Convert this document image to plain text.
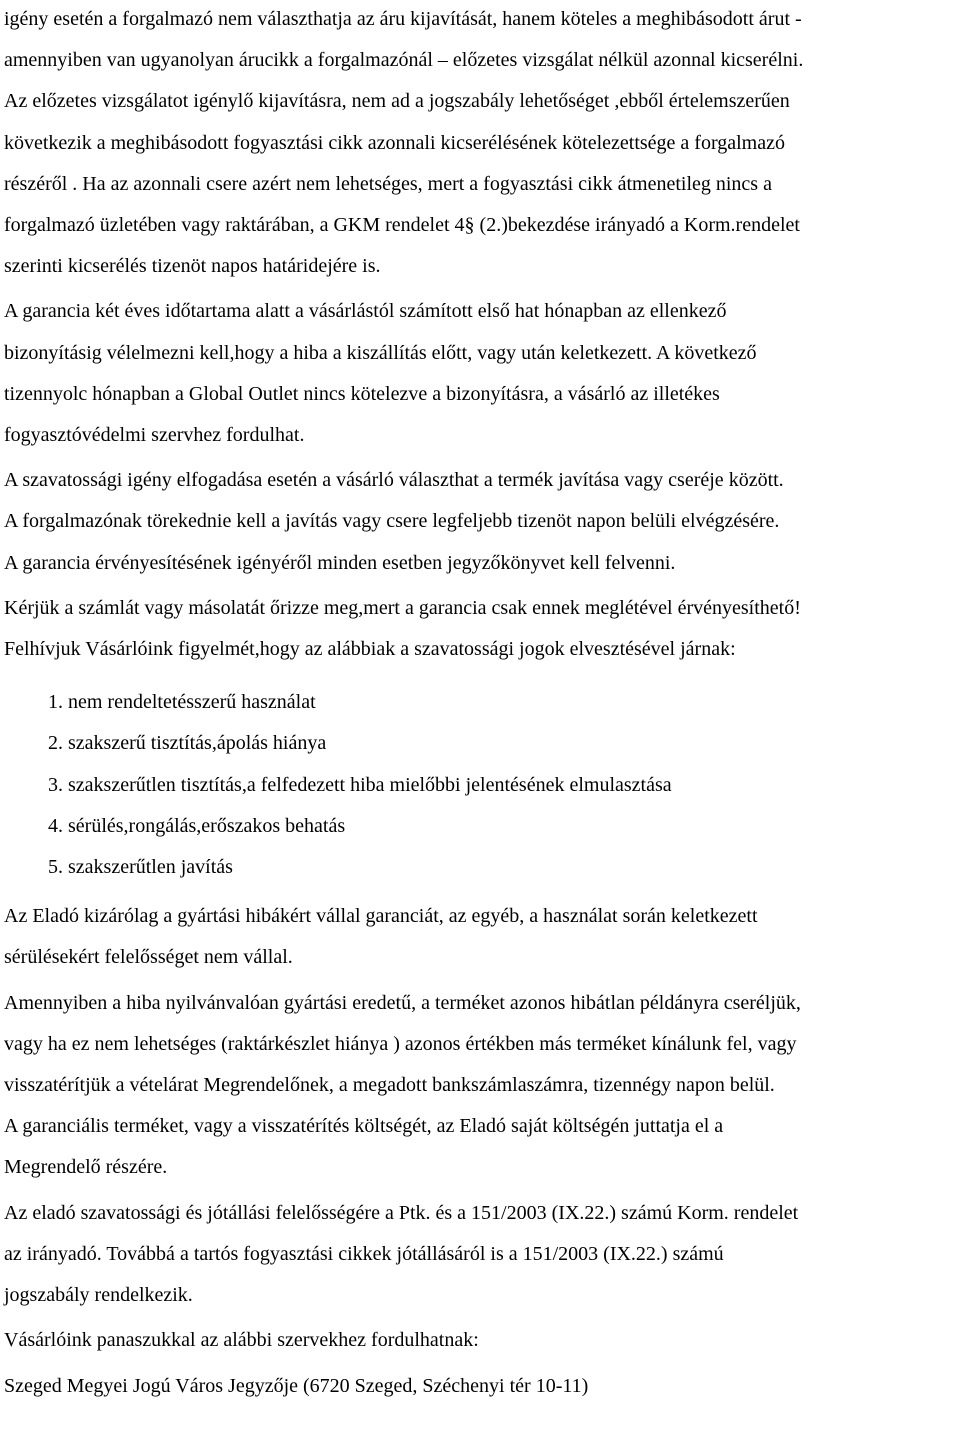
igény esetén a forgalmazó nem választhatja az áru kijavítását, hanem köteles a meghibásodott árut -
amennyiben van ugyanolyan árucikk a forgalmazónál – előzetes vizsgálat nélkül azonnal kicserélni.
Az előzetes vizsgálatot igénylő kijavításra, nem ad a jogszabály lehetőséget ,ebből értelemszerűen
következik a meghibásodott fogyasztási cikk azonnali kicserélésének kötelezettsége a forgalmazó
részéről . Ha az azonnali csere azért nem lehetséges, mert a fogyasztási cikk átmenetileg nincs a
forgalmazó üzletében vagy raktárában, a GKM rendelet 4§ (2.)bekezdése irányadó a Korm.rendelet
szerinti kicserélés tizenöt napos határidejére is.

A garancia két éves időtartama alatt a vásárlástól számított első hat hónapban az ellenkező
bizonyításig vélelmezni kell,hogy a hiba a kiszállítás előtt, vagy után keletkezett. A következő
tizennyolc hónapban a Global Outlet nincs kötelezve a bizonyításra, a vásárló az illetékes
fogyasztóvédelmi szervhez fordulhat.

A szavatossági igény elfogadása esetén a vásárló választhat a termék javítása vagy cseréje között.
A forgalmazónak törekednie kell a javítás vagy csere legfeljebb tizenöt napon belüli elvégzésére.
A garancia érvényesítésének igényéről minden esetben jegyzőkönyvet kell felvenni.

Kérjük a számlát vagy másolatát őrizze meg,mert a garancia csak ennek meglétével érvényesíthető!
Felhívjuk Vásárlóink figyelmét,hogy az alábbiak a szavatossági jogok elvesztésével járnak:

1. nem rendeltetésszerű használat
2. szakszerű tisztítás,ápolás hiánya
3. szakszerűtlen tisztítás,a felfedezett hiba mielőbbi jelentésének elmulasztása
4. sérülés,rongálás,erőszakos behatás
5. szakszerűtlen javítás

Az Eladó kizárólag a gyártási hibákért vállal garanciát, az egyéb, a használat során keletkezett
sérülésekért felelősséget nem vállal.

Amennyiben a hiba nyilvánvalóan gyártási eredetű, a terméket azonos hibátlan példányra cseréljük,
vagy ha ez nem lehetséges (raktárkészlet hiánya ) azonos értékben más terméket kínálunk fel, vagy
visszatérítjük a vételárat Megrendelőnek, a megadott bankszámlaszámra, tizennégy napon belül.
A garanciális terméket, vagy a visszatérítés költségét, az Eladó saját költségén juttatja el a
Megrendelő részére.

Az eladó szavatossági és jótállási felelősségére a Ptk. és a 151/2003 (IX.22.) számú Korm. rendelet
az irányadó. Továbbá a tartós fogyasztási cikkek jótállásáról is a 151/2003 (IX.22.) számú
jogszabály rendelkezik.

Vásárlóink panaszukkal az alábbi szervekhez fordulhatnak:

Szeged Megyei Jogú Város Jegyzője (6720 Szeged, Széchenyi tér 10-11)
